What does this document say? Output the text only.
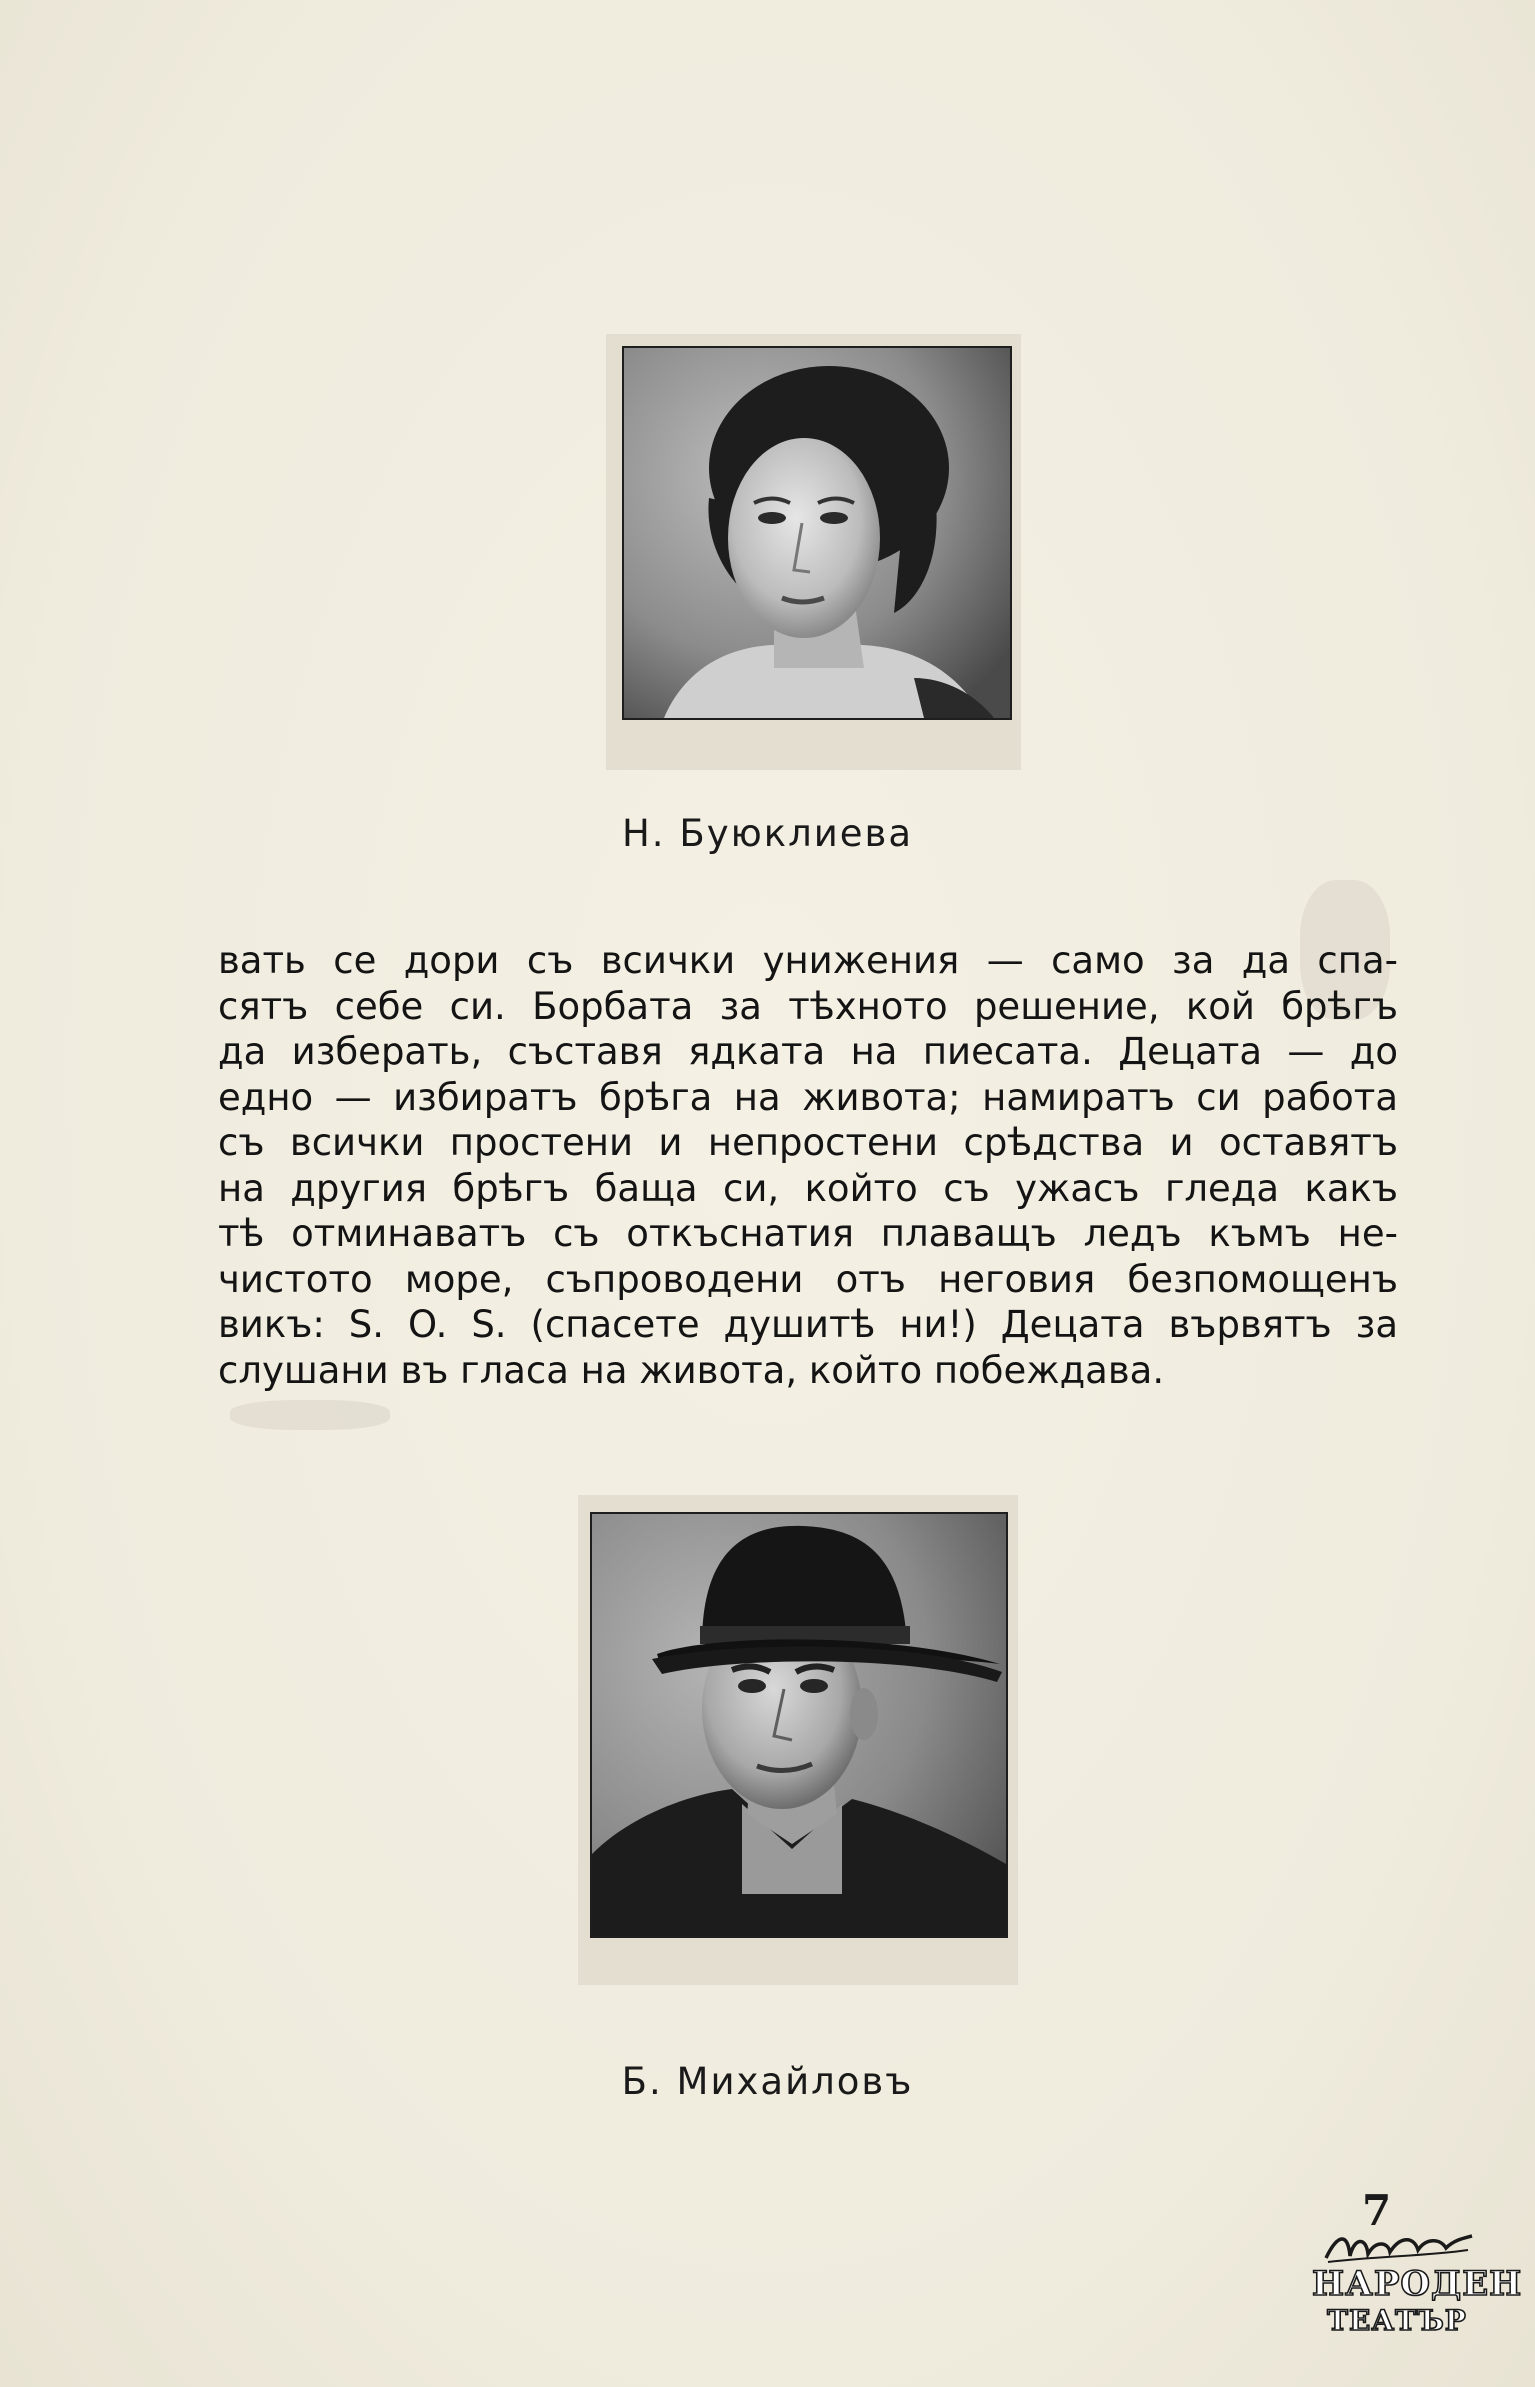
Н. Буюклиева
вать се дори съ всички унижения — само за да спа-
сятъ себе си. Борбата за тѣхното решение, кой брѣгъ
да изберать, съставя ядката на пиесата. Децата — до
едно — избиратъ брѣга на живота; намиратъ си работа
съ всички простени и непростени срѣдства и оставятъ
на другия брѣгъ баща си, който съ ужасъ гледа какъ
тѣ отминаватъ съ откъснатия плаващъ ледъ къмъ не-
чистото море, съпроводени отъ неговия безпомощенъ
викъ: S. O. S. (спасете душитѣ ни!) Децата вървятъ за
слушани въ гласа на живота, който побеждава.
Б. Михайловъ
7
НАРОДЕН
ТЕАТЪР
